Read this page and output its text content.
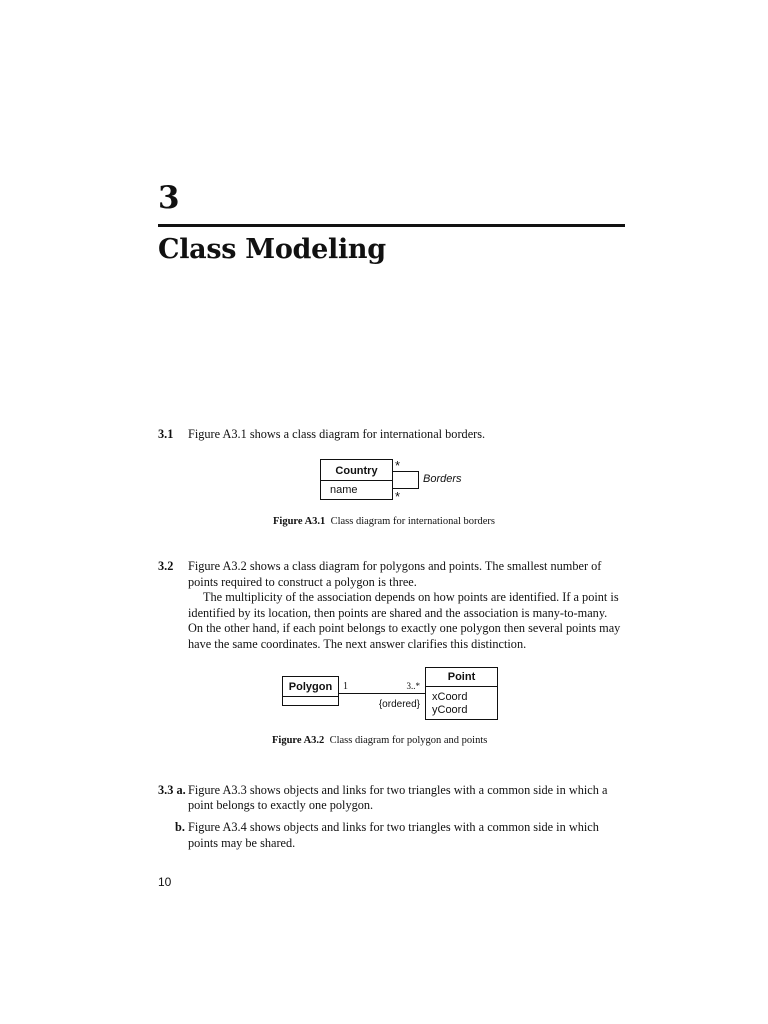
3
Class Modeling
3.1 Figure A3.1 shows a class diagram for international borders.
Country
name
*
*
Borders
Figure A3.1 Class diagram for international borders
3.2 Figure A3.2 shows a class diagram for polygons and points. The smallest number of
points required to construct a polygon is three.
The multiplicity of the association depends on how points are identified. If a point is
identified by its location, then points are shared and the association is many-to-many.
On the other hand, if each point belongs to exactly one polygon then several points may
have the same coordinates. The next answer clarifies this distinction.
Polygon 1	3..*
{ordered}
Point
xCoord
yCoord
Figure A3.2 Class diagram for polygon and points
3.3 a. Figure A3.3 shows objects and links for two triangles with a common side in which a
point belongs to exactly one polygon.
b. Figure A3.4 shows objects and links for two triangles with a common side in which
points may be shared.
10
